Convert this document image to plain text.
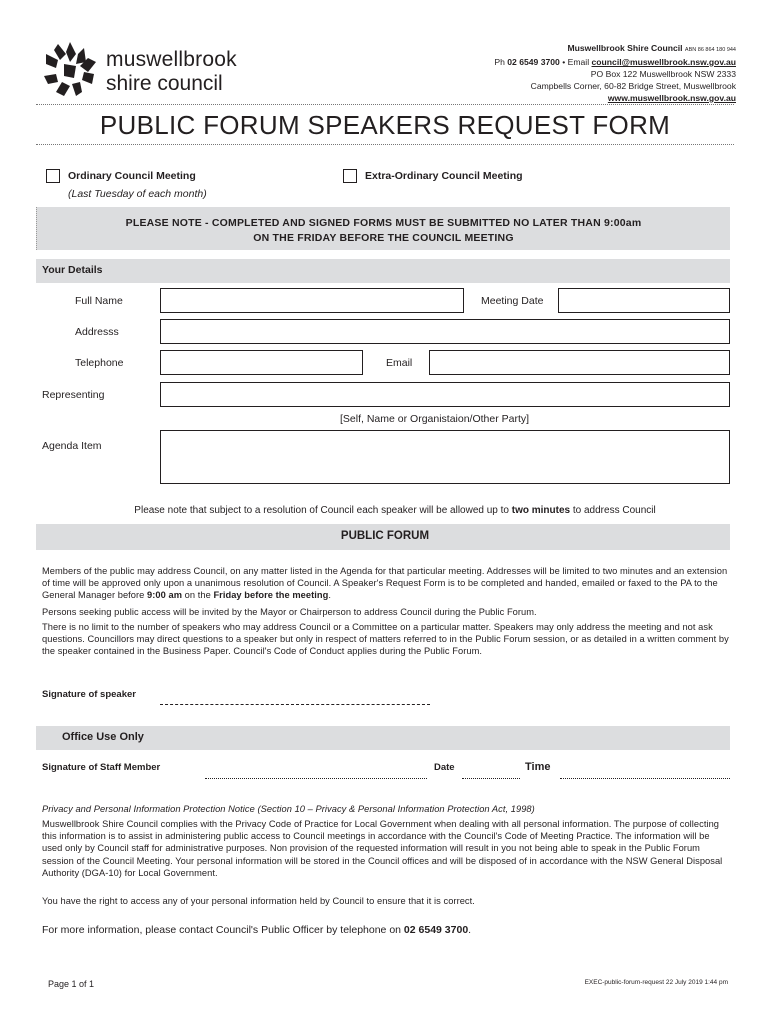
muswellbrook
shire council
Muswellbrook Shire Council ABN 86 864 180 944
Ph 02 6549 3700 • Email council@muswellbrook.nsw.gov.au
PO Box 122 Muswellbrook NSW 2333
Campbells Corner, 60-82 Bridge Street, Muswellbrook
www.muswellbrook.nsw.gov.au
PUBLIC FORUM SPEAKERS REQUEST FORM
Ordinary Council Meeting
(Last Tuesday of each month)
Extra-Ordinary Council Meeting
PLEASE NOTE - COMPLETED AND SIGNED FORMS MUST BE SUBMITTED NO LATER THAN 9:00am
ON THE FRIDAY BEFORE THE COUNCIL MEETING
Your Details
Full Name	Meeting Date
Addresss
Telephone	Email
Representing
[Self, Name or Organistaion/Other Party]
Agenda Item
Please note that subject to a resolution of Council each speaker will be allowed up to two minutes to address Council
PUBLIC FORUM
Members of the public may address Council, on any matter listed in the Agenda for that particular meeting. Addresses will be limited to two minutes and an extension of time will be approved only upon a unanimous resolution of Council. A Speaker's Request Form is to be completed and handed, emailed or faxed to the PA to the General Manager before 9:00 am on the Friday before the meeting.
Persons seeking public access will be invited by the Mayor or Chairperson to address Council during the Public Forum.
There is no limit to the number of speakers who may address Council or a Committee on a particular matter. Speakers may only address the meeting and not ask questions. Councillors may direct questions to a speaker but only in respect of matters referred to in the Public Forum session, or as detailed in a written comment by the speaker contained in the Business Paper. Council's Code of Conduct applies during the Public Forum.
Signature of speaker
Office Use Only
Signature of Staff Member	Date	Time
Privacy and Personal Information Protection Notice (Section 10 – Privacy & Personal Information Protection Act, 1998)
Muswellbrook Shire Council complies with the Privacy Code of Practice for Local Government when dealing with all personal information. The purpose of collecting this information is to assist in administering public access to Council meetings in accordance with the Council's Code of Meeting Practice. The information will be used only by Council staff for administrative purposes. Non provision of the requested information will result in you not being able to speak in the Public Forum session of the Council Meeting. Your personal information will be stored in the Council offices and will be disposed of in accordance with the NSW General Disposal Authority (DGA-10) for Local Government.
You have the right to access any of your personal information held by Council to ensure that it is correct.
For more information, please contact Council's Public Officer by telephone on 02 6549 3700.
Page 1 of 1	EXEC-public-forum-request 22 July 2019 1:44 pm
